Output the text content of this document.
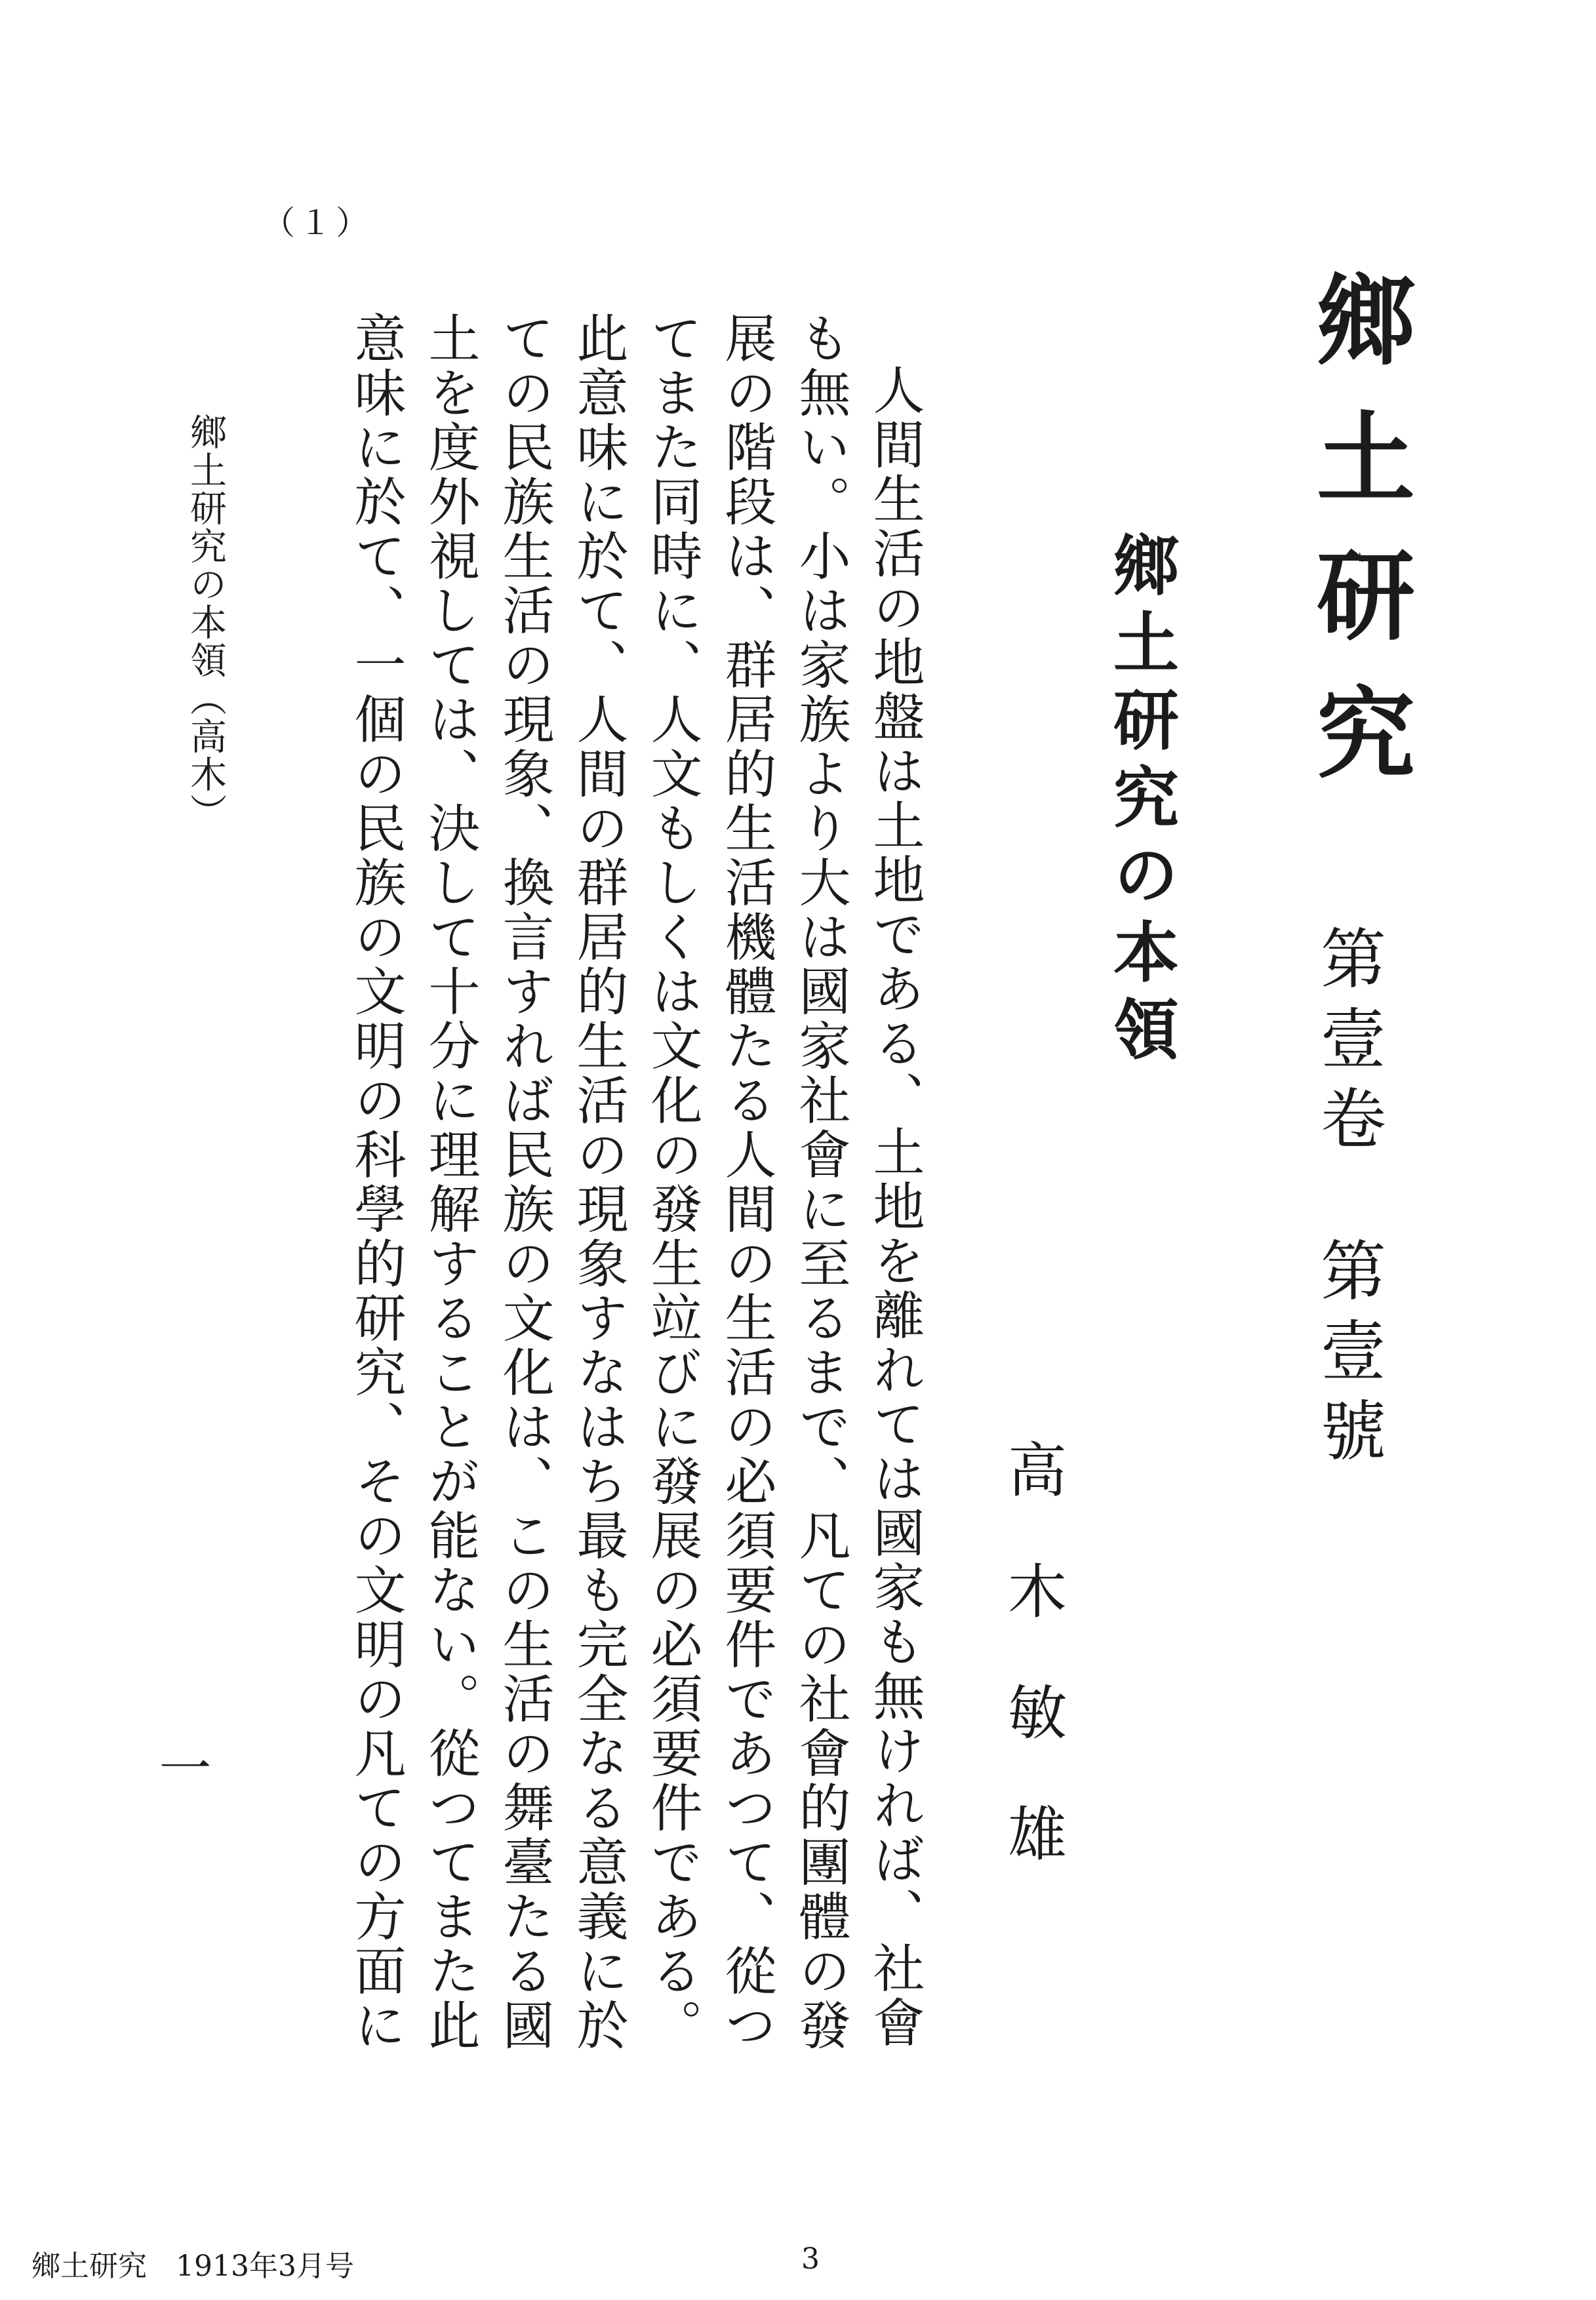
鄉土研究
第壹卷第壹號
鄉土研究の本領
高木敏雄

人間生活の地盤は土地である、土地を離れては國家も無ければ、社會も無い。小は家族より大は國家社會に至るまで、凡ての社會的團體の發展の階段は、群居的生活機體たる人間の生活の必須要件であつて、從つてまた同時に、人文もしくは文化の發生竝びに發展の必須要件である。此意味に於て、人間の群居的生活の現象すなはち最も完全なる意義に於ての民族生活の現象、換言すれば民族の文化は、この生活の舞臺たる國土を度外視しては、決して十分に理解することが能ない。從つてまた此意味に於て、一個の民族の文明の科學的研究、その文明の凡ての方面に

（１）
鄉土研究の本領（高木）
一
鄉土研究　1913年3月号	3
